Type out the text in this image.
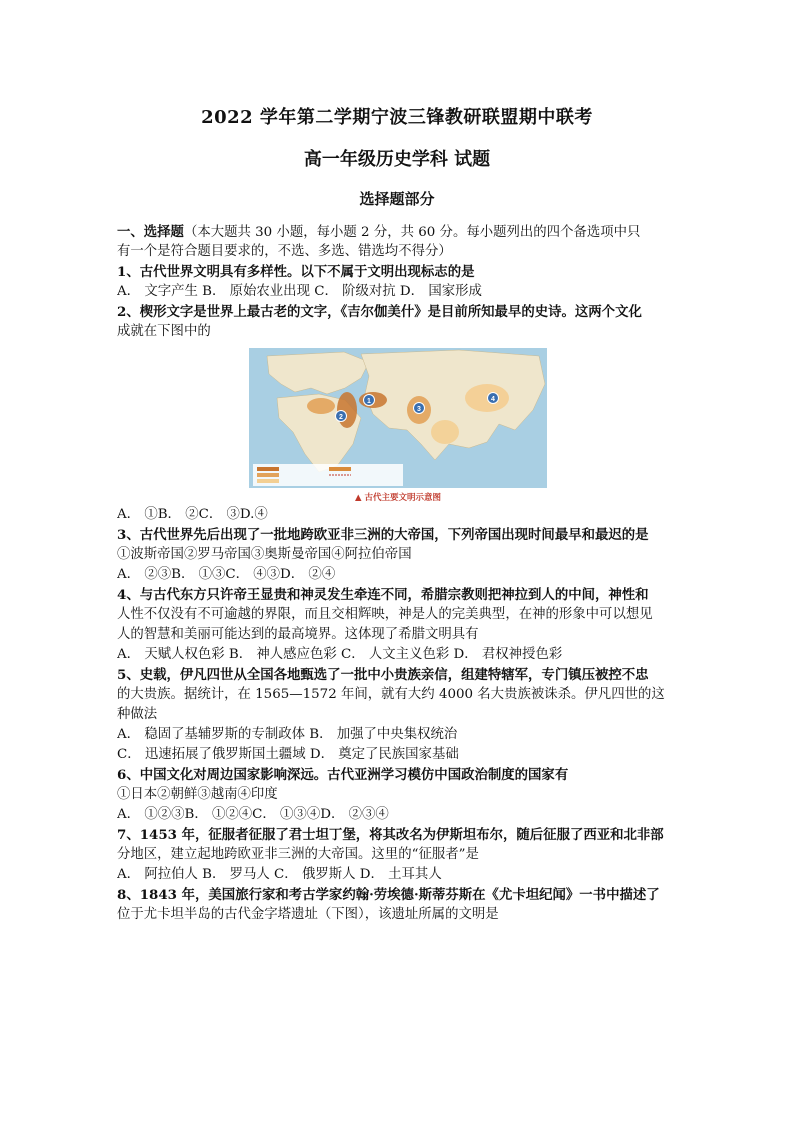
2022 学年第二学期宁波三锋教研联盟期中联考
高一年级历史学科 试题
选择题部分
一、选择题（本大题共 30 小题，每小题 2 分，共 60 分。每小题列出的四个备选项中只
有一个是符合题目要求的，不选、多选、错选均不得分）
1、古代世界文明具有多样性。以下不属于文明出现标志的是
A． 文字产生 B． 原始农业出现 C． 阶级对抗 D． 国家形成
2、楔形文字是世界上最古老的文字，《吉尔伽美什》是目前所知最早的史诗。这两个文化
成就在下图中的
1
2
3
4
▲ 古代主要文明示意图
A． ①B． ②C． ③D.④
3、古代世界先后出现了一批地跨欧亚非三洲的大帝国，下列帝国出现时间最早和最迟的是
①波斯帝国②罗马帝国③奥斯曼帝国④阿拉伯帝国
A． ②③B． ①③C． ④③D． ②④
4、与古代东方只许帝王显贵和神灵发生牵连不同，希腊宗教则把神拉到人的中间，神性和
人性不仅没有不可逾越的界限，而且交相辉映，神是人的完美典型，在神的形象中可以想见
人的智慧和美丽可能达到的最高境界。这体现了希腊文明具有
A． 天赋人权色彩 B． 神人感应色彩 C． 人文主义色彩 D． 君权神授色彩
5、史载，伊凡四世从全国各地甄选了一批中小贵族亲信，组建特辖军，专门镇压被控不忠
的大贵族。据统计，在 1565—1572 年间，就有大约 4000 名大贵族被诛杀。伊凡四世的这
种做法
A． 稳固了基辅罗斯的专制政体 B． 加强了中央集权统治
C． 迅速拓展了俄罗斯国土疆域 D． 奠定了民族国家基础
6、中国文化对周边国家影响深远。古代亚洲学习模仿中国政治制度的国家有
①日本②朝鲜③越南④印度
A． ①②③B． ①②④C． ①③④D． ②③④
7、1453 年，征服者征服了君士坦丁堡，将其改名为伊斯坦布尔，随后征服了西亚和北非部
分地区，建立起地跨欧亚非三洲的大帝国。这里的“征服者”是
A． 阿拉伯人 B． 罗马人 C． 俄罗斯人 D． 土耳其人
8、1843 年，美国旅行家和考古学家约翰·劳埃德·斯蒂芬斯在《尤卡坦纪闻》一书中描述了
位于尤卡坦半岛的古代金字塔遗址（下图），该遗址所属的文明是
